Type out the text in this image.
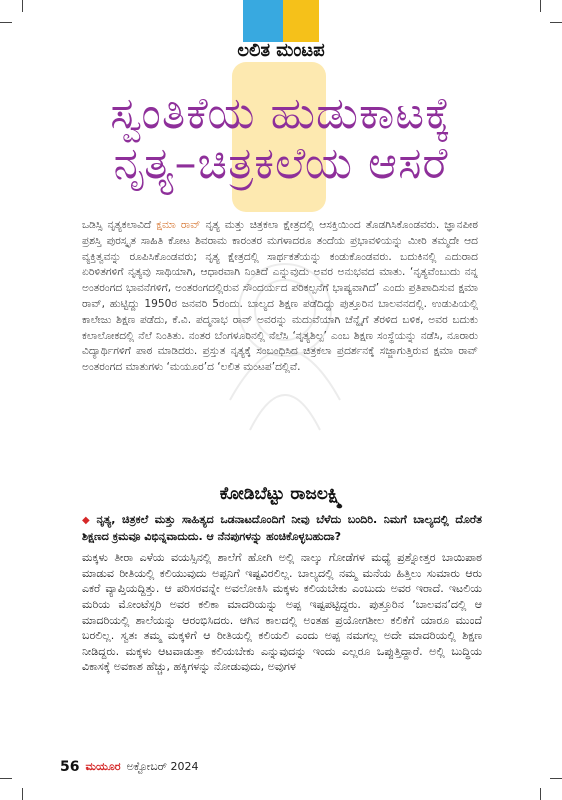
ಲಲಿತ ಮಂಟಪ
ಸ್ವಂತಿಕೆಯ ಹುಡುಕಾಟಕ್ಕೆ
ನೃತ್ಯ–ಚಿತ್ರಕಲೆಯ ಆಸರೆ
ಒಡಿಸ್ಸಿ ನೃತ್ಯಕಲಾವಿದೆ ಕ್ಷಮಾ ರಾವ್ ನೃತ್ಯ ಮತ್ತು ಚಿತ್ರಕಲಾ ಕ್ಷೇತ್ರದಲ್ಲಿ ಆಸಕ್ತಿಯಿಂದ ತೊಡಗಿಸಿಕೊಂಡವರು. ಜ್ಞಾನಪೀಠ ಪ್ರಶಸ್ತಿ ಪುರಸ್ಕೃತ ಸಾಹಿತಿ ಕೋಟ ಶಿವರಾಮ ಕಾರಂತರ ಮಗಳಾದರೂ ತಂದೆಯ ಪ್ರಭಾವಳಿಯನ್ನು ಮೀರಿ ತಮ್ಮದೇ ಆದ ವ್ಯಕ್ತಿತ್ವವನ್ನು ರೂಪಿಸಿಕೊಂಡವರು; ನೃತ್ಯ ಕ್ಷೇತ್ರದಲ್ಲಿ ಸಾರ್ಥಕತೆಯನ್ನು ಕಂಡುಕೊಂಡವರು. ಬದುಕಿನಲ್ಲಿ ಎದುರಾದ ಏರಿಳಿತಗಳಿಗೆ ನೃತ್ಯವು ಸಾಥಿಯಾಗಿ, ಆಧಾರವಾಗಿ ನಿಂತಿದೆ ಎನ್ನುವುದು ಅವರ ಅನುಭವದ ಮಾತು. ‘ನೃತ್ಯವೆಂಬುದು ನನ್ನ ಅಂತರಂಗದ ಭಾವನೆಗಳಿಗೆ, ಅಂತರಂಗದಲ್ಲಿರುವ ಸೌಂದರ್ಯದ ಪರಿಕಲ್ಪನೆಗೆ ಭಾಷ್ಯವಾಗಿದೆ’ ಎಂದು ಪ್ರತಿಪಾದಿಸುವ ಕ್ಷಮಾ ರಾವ್, ಹುಟ್ಟಿದ್ದು 1950ರ ಜನವರಿ 5ರಂದು. ಬಾಲ್ಯದ ಶಿಕ್ಷಣ ಪಡೆದಿದ್ದು ಪುತ್ತೂರಿನ ಬಾಲವನದಲ್ಲಿ. ಉಡುಪಿಯಲ್ಲಿ ಕಾಲೇಜು ಶಿಕ್ಷಣ ಪಡೆದು, ಕೆ.ವಿ. ಪದ್ಮನಾಭ ರಾವ್ ಅವರನ್ನು ಮದುವೆಯಾಗಿ ಚೆನ್ನೈಗೆ ತೆರಳಿದ ಬಳಿಕ, ಅವರ ಬದುಕು ಕಲಾಲೋಕದಲ್ಲಿ ನೆಲೆ ನಿಂತಿತು. ನಂತರ ಬೆಂಗಳೂರಿನಲ್ಲಿ ನೆಲೆಸಿ ‘ನೃತ್ಯಶಿಲ್ಪ’ ಎಂಬ ಶಿಕ್ಷಣ ಸಂಸ್ಥೆಯನ್ನು ನಡೆಸಿ, ನೂರಾರು ವಿದ್ಯಾರ್ಥಿಗಳಿಗೆ ಪಾಠ ಮಾಡಿದರು. ಪ್ರಸ್ತುತ ನೃತ್ಯಕ್ಕೆ ಸಂಬಂಧಿಸಿದ ಚಿತ್ರಕಲಾ ಪ್ರದರ್ಶನಕ್ಕೆ ಸಜ್ಜಾಗುತ್ತಿರುವ ಕ್ಷಮಾ ರಾವ್ ಅಂತರಂಗದ ಮಾತುಗಳು ‘ಮಯೂರ’ದ ‘ಲಲಿತ ಮಂಟಪ’ದಲ್ಲಿವೆ.
ಕೋಡಿಬೆಟ್ಟು ರಾಜಲಕ್ಷ್ಮಿ
◆ ನೃತ್ಯ, ಚಿತ್ರಕಲೆ ಮತ್ತು ಸಾಹಿತ್ಯದ ಒಡನಾಟದೊಂದಿಗೆ ನೀವು ಬೆಳೆದು ಬಂದಿರಿ. ನಿಮಗೆ ಬಾಲ್ಯದಲ್ಲಿ ದೊರೆತ ಶಿಕ್ಷಣದ ಕ್ರಮವೂ ವಿಭಿನ್ನವಾದುದು. ಆ ನೆನಪುಗಳನ್ನು ಹಂಚಿಕೊಳ್ಳಬಹುದಾ?
ಮಕ್ಕಳು ತೀರಾ ಎಳೆಯ ವಯಸ್ಸಿನಲ್ಲಿ ಶಾಲೆಗೆ ಹೋಗಿ ಅಲ್ಲಿ ನಾಲ್ಕು ಗೋಡೆಗಳ ಮಧ್ಯೆ ಪ್ರಶ್ನೋತ್ತರ ಬಾಯಿಪಾಠ ಮಾಡುವ ರೀತಿಯಲ್ಲಿ ಕಲಿಯುವುದು ಅಪ್ಪನಿಗೆ ಇಷ್ಟವಿರಲಿಲ್ಲ. ಬಾಲ್ಯದಲ್ಲಿ ನಮ್ಮ ಮನೆಯ ಹಿತ್ತಿಲು ಸುಮಾರು ಆರು ಎಕರೆ ವ್ಯಾಪ್ತಿಯದ್ದಿತ್ತು. ಆ ಪರಿಸರವನ್ನೇ ಅವಲೋಕಿಸಿ ಮಕ್ಕಳು ಕಲಿಯಬೇಕು ಎಂಬುದು ಅವರ ಇರಾದೆ. ಇಟಲಿಯ ಮರಿಯ ಮೋಂಟೆಸ್ಸರಿ ಅವರ ಕಲಿಕಾ ಮಾದರಿಯನ್ನು ಅಪ್ಪ ಇಷ್ಟಪಟ್ಟಿದ್ದರು. ಪುತ್ತೂರಿನ ‘ಬಾಲವನ’ದಲ್ಲಿ ಆ ಮಾದರಿಯಲ್ಲಿ ಶಾಲೆಯನ್ನು ಆರಂಭಿಸಿದರು. ಆಗಿನ ಕಾಲದಲ್ಲಿ ಅಂತಹ ಪ್ರಯೋಗಶೀಲ ಕಲಿಕೆಗೆ ಯಾರೂ ಮುಂದೆ ಬರಲಿಲ್ಲ. ಸ್ವತಃ ತಮ್ಮ ಮಕ್ಕಳಿಗೆ ಆ ರೀತಿಯಲ್ಲಿ ಕಲಿಯಲಿ ಎಂದು ಅಪ್ಪ ನಮಗಲ್ಲ ಅದೇ ಮಾದರಿಯಲ್ಲಿ ಶಿಕ್ಷಣ ನೀಡಿದ್ದರು. ಮಕ್ಕಳು ಆಟವಾಡುತ್ತಾ ಕಲಿಯಬೇಕು ಎನ್ನುವುದನ್ನು ಇಂದು ಎಲ್ಲರೂ ಒಪ್ಪುತ್ತಿದ್ದಾರೆ. ಅಲ್ಲಿ ಬುದ್ಧಿಯ ವಿಕಾಸಕ್ಕೆ ಅವಕಾಶ ಹೆಚ್ಚು, ಹಕ್ಕಿಗಳನ್ನು ನೋಡುವುದು, ಅವುಗಳ
56 ಮಯೂರ ಅಕ್ಟೋಬರ್ 2024
